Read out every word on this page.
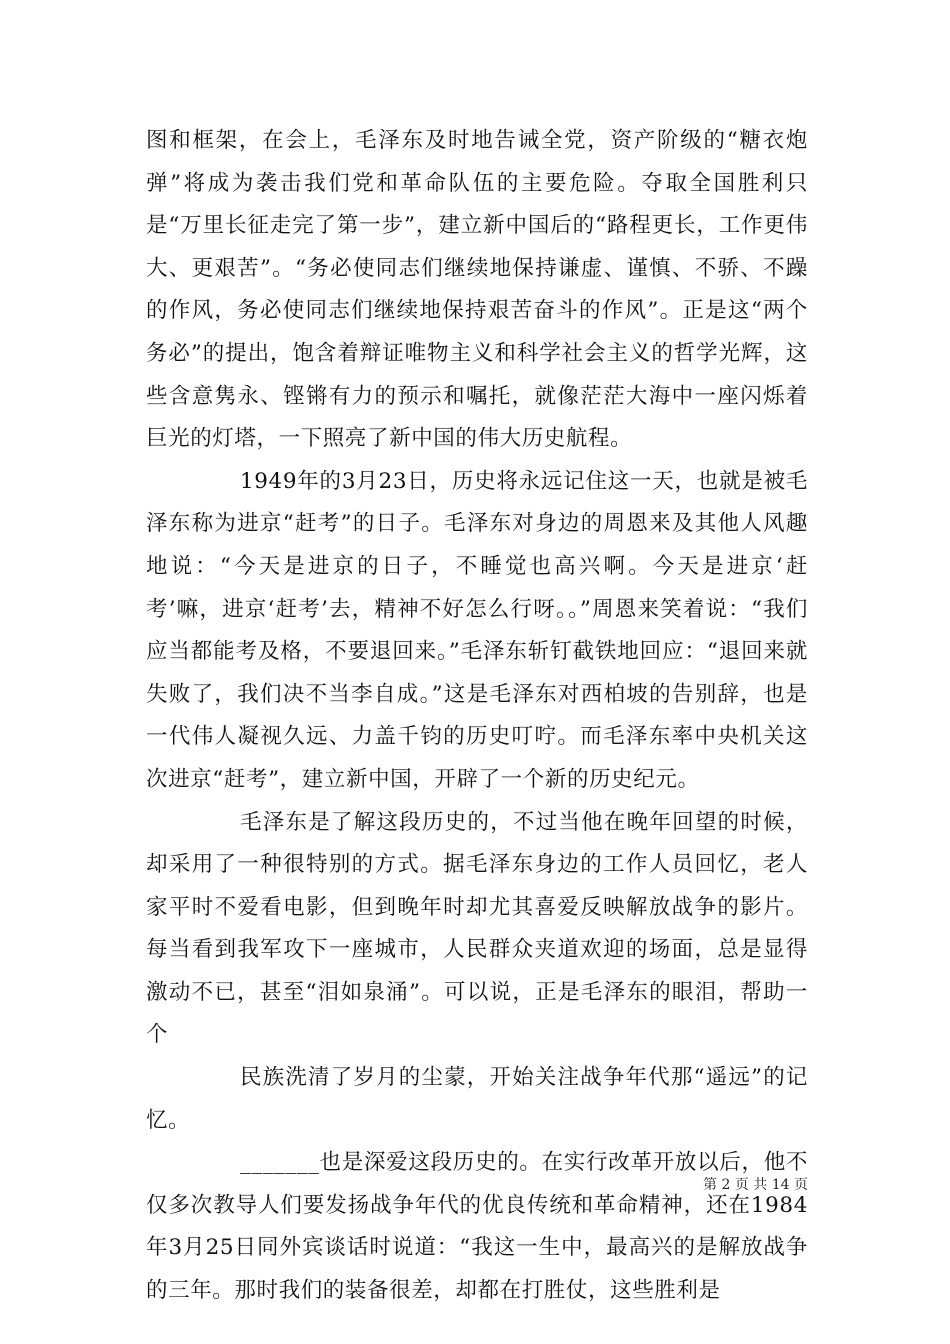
图和框架，在会上，毛泽东及时地告诫全党，资产阶级的“糖衣炮弹”将成为袭击我们党和革命队伍的主要危险。夺取全国胜利只是“万里长征走完了第一步”，建立新中国后的“路程更长，工作更伟大、更艰苦”。“务必使同志们继续地保持谦虚、谨慎、不骄、不躁的作风，务必使同志们继续地保持艰苦奋斗的作风”。正是这“两个务必”的提出，饱含着辩证唯物主义和科学社会主义的哲学光辉，这些含意隽永、铿锵有力的预示和嘱托，就像茫茫大海中一座闪烁着巨光的灯塔，一下照亮了新中国的伟大历史航程。

1949年的3月23日，历史将永远记住这一天，也就是被毛泽东称为进京“赶考”的日子。毛泽东对身边的周恩来及其他人风趣地说：“今天是进京的日子，不睡觉也高兴啊。今天是进京‘赶考’嘛，进京‘赶考’去，精神不好怎么行呀。。”周恩来笑着说：“我们应当都能考及格，不要退回来。”毛泽东斩钉截铁地回应：“退回来就失败了，我们决不当李自成。”这是毛泽东对西柏坡的告别辞，也是一代伟人凝视久远、力盖千钧的历史叮咛。而毛泽东率中央机关这次进京“赶考”，建立新中国，开辟了一个新的历史纪元。

毛泽东是了解这段历史的，不过当他在晚年回望的时候，却采用了一种很特别的方式。据毛泽东身边的工作人员回忆，老人家平时不爱看电影，但到晚年时却尤其喜爱反映解放战争的影片。每当看到我军攻下一座城市，人民群众夹道欢迎的场面，总是显得激动不已，甚至“泪如泉涌”。可以说，正是毛泽东的眼泪，帮助一个

民族洗清了岁月的尘蒙，开始关注战争年代那“遥远”的记忆。

_______也是深爱这段历史的。在实行改革开放以后，他不仅多次教导人们要发扬战争年代的优良传统和革命精神，还在1984年3月25日同外宾谈话时说道：“我这一生中，最高兴的是解放战争的三年。那时我们的装备很差，却都在打胜仗，这些胜利是

第 2 页 共 14 页
